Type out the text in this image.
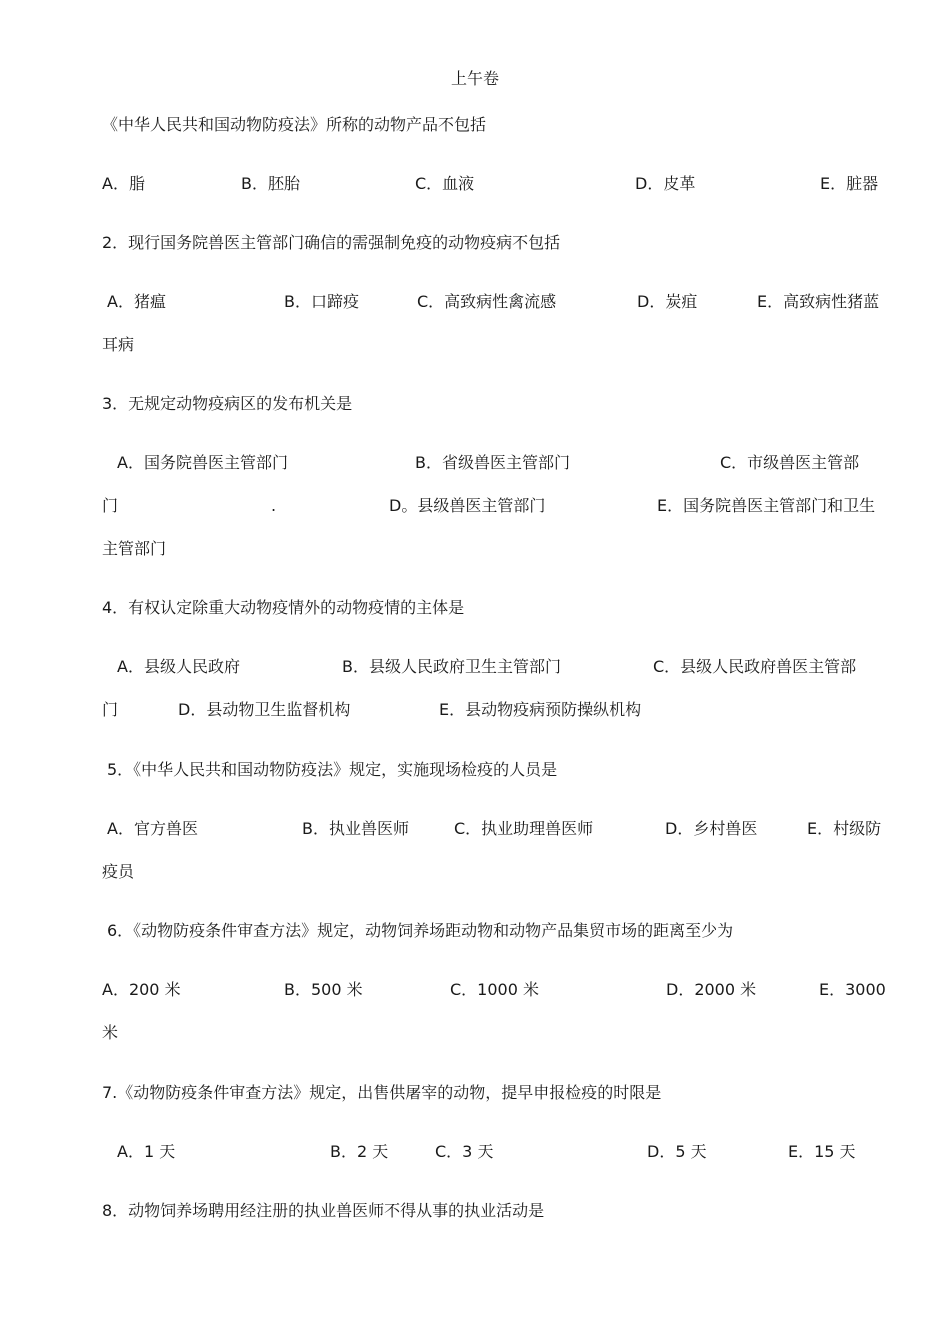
上午卷
《中华人民共和国动物防疫法》所称的动物产品不包括
A．脂	B．胚胎	C．血液	D．皮革	E．脏器
2．现行国务院兽医主管部门确信的需强制免疫的动物疫病不包括
A．猪瘟	B．口蹄疫	C．高致病性禽流感	D．炭疽	E．高致病性猪蓝
耳病
3．无规定动物疫病区的发布机关是
A．国务院兽医主管部门	B．省级兽医主管部门	C．市级兽医主管部
门	.	D。县级兽医主管部门	E．国务院兽医主管部门和卫生
主管部门
4．有权认定除重大动物疫情外的动物疫情的主体是
A．县级人民政府	B．县级人民政府卫生主管部门	C．县级人民政府兽医主管部
门	D．县动物卫生监督机构	E．县动物疫病预防操纵机构
5．《中华人民共和国动物防疫法》规定，实施现场检疫的人员是
A．官方兽医	B．执业兽医师	C．执业助理兽医师	D．乡村兽医	E．村级防
疫员
6．《动物防疫条件审查方法》规定，动物饲养场距动物和动物产品集贸市场的距离至少为
A．200 米	B．500 米	C．1000 米	D．2000 米	E．3000
米
7.《动物防疫条件审查方法》规定，出售供屠宰的动物，提早申报检疫的时限是
A．1 天	B．2 天	C．3 天	D．5 天	E．15 天
8．动物饲养场聘用经注册的执业兽医师不得从事的执业活动是
